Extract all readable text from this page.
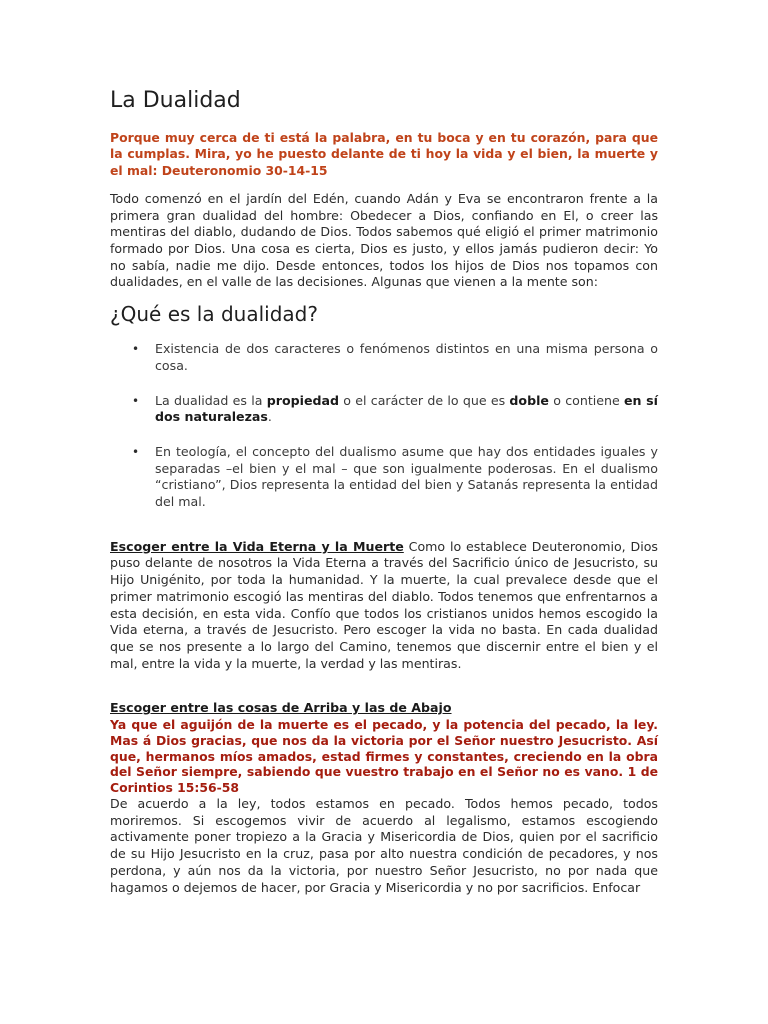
La Dualidad

Porque muy cerca de ti está la palabra, en tu boca y en tu corazón, para que la cumplas. Mira, yo he puesto delante de ti hoy la vida y el bien, la muerte y el mal: Deuteronomio 30-14-15

Todo comenzó en el jardín del Edén, cuando Adán y Eva se encontraron frente a la primera gran dualidad del hombre: Obedecer a Dios, confiando en El, o creer las mentiras del diablo, dudando de Dios. Todos sabemos qué eligió el primer matrimonio formado por Dios. Una cosa es cierta, Dios es justo, y ellos jamás pudieron decir: Yo no sabía, nadie me dijo. Desde entonces, todos los hijos de Dios nos topamos con dualidades, en el valle de las decisiones. Algunas que vienen a la mente son:

¿Qué es la dualidad?
• Existencia de dos caracteres o fenómenos distintos en una misma persona o cosa.
• La dualidad es la propiedad o el carácter de lo que es doble o contiene en sí dos naturalezas.
• En teología, el concepto del dualismo asume que hay dos entidades iguales y separadas –el bien y el mal – que son igualmente poderosas. En el dualismo “cristiano”, Dios representa la entidad del bien y Satanás representa la entidad del mal.

Escoger entre la Vida Eterna y la Muerte Como lo establece Deuteronomio, Dios puso delante de nosotros la Vida Eterna a través del Sacrificio único de Jesucristo, su Hijo Unigénito, por toda la humanidad. Y la muerte, la cual prevalece desde que el primer matrimonio escogió las mentiras del diablo. Todos tenemos que enfrentarnos a esta decisión, en esta vida. Confío que todos los cristianos unidos hemos escogido la Vida eterna, a través de Jesucristo. Pero escoger la vida no basta. En cada dualidad que se nos presente a lo largo del Camino, tenemos que discernir entre el bien y el mal, entre la vida y la muerte, la verdad y las mentiras.

Escoger entre las cosas de Arriba y las de Abajo

Ya que el aguijón de la muerte es el pecado, y la potencia del pecado, la ley. Mas á Dios gracias, que nos da la victoria por el Señor nuestro Jesucristo. Así que, hermanos míos amados, estad firmes y constantes, creciendo en la obra del Señor siempre, sabiendo que vuestro trabajo en el Señor no es vano. 1 de Corintios 15:56-58

De acuerdo a la ley, todos estamos en pecado. Todos hemos pecado, todos moriremos. Si escogemos vivir de acuerdo al legalismo, estamos escogiendo activamente poner tropiezo a la Gracia y Misericordia de Dios, quien por el sacrificio de su Hijo Jesucristo en la cruz, pasa por alto nuestra condición de pecadores, y nos perdona, y aún nos da la victoria, por nuestro Señor Jesucristo, no por nada que hagamos o dejemos de hacer, por Gracia y Misericordia y no por sacrificios. Enfocar
